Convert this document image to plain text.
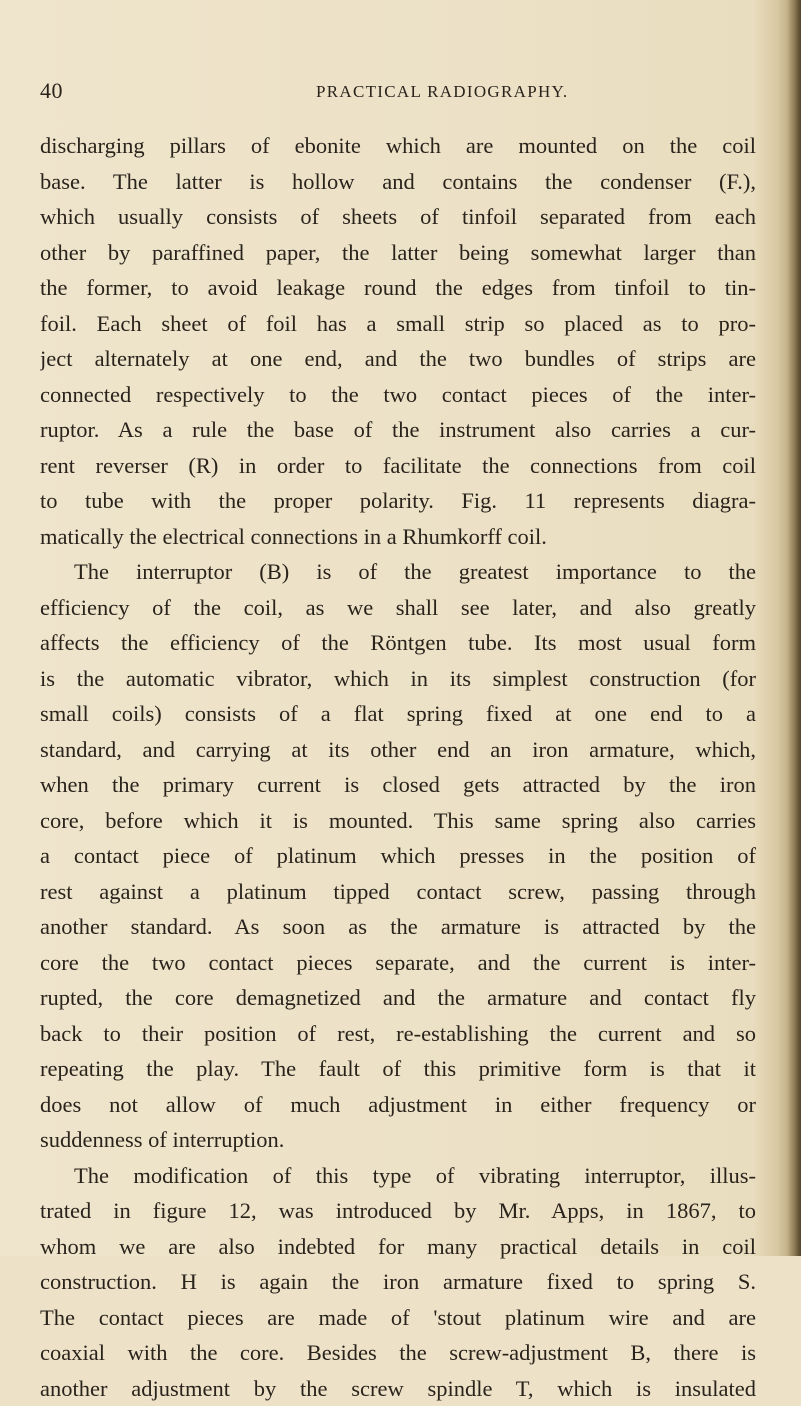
40	PRACTICAL RADIOGRAPHY.
discharging pillars of ebonite which are mounted on the coil
base. The latter is hollow and contains the condenser (F.),
which usually consists of sheets of tinfoil separated from each
other by paraffined paper, the latter being somewhat larger than
the former, to avoid leakage round the edges from tinfoil to tin-
foil. Each sheet of foil has a small strip so placed as to pro-
ject alternately at one end, and the two bundles of strips are
connected respectively to the two contact pieces of the inter-
ruptor. As a rule the base of the instrument also carries a cur-
rent reverser (R) in order to facilitate the connections from coil
to tube with the proper polarity. Fig. 11 represents diagra-
matically the electrical connections in a Rhumkorff coil.
The interruptor (B) is of the greatest importance to the
efficiency of the coil, as we shall see later, and also greatly
affects the efficiency of the Röntgen tube. Its most usual form
is the automatic vibrator, which in its simplest construction (for
small coils) consists of a flat spring fixed at one end to a
standard, and carrying at its other end an iron armature, which,
when the primary current is closed gets attracted by the iron
core, before which it is mounted. This same spring also carries
a contact piece of platinum which presses in the position of
rest against a platinum tipped contact screw, passing through
another standard. As soon as the armature is attracted by the
core the two contact pieces separate, and the current is inter-
rupted, the core demagnetized and the armature and contact fly
back to their position of rest, re-establishing the current and so
repeating the play. The fault of this primitive form is that it
does not allow of much adjustment in either frequency or
suddenness of interruption.
The modification of this type of vibrating interruptor, illus-
trated in figure 12, was introduced by Mr. Apps, in 1867, to
whom we are also indebted for many practical details in coil
construction. H is again the iron armature fixed to spring S.
The contact pieces are made of 'stout platinum wire and are
coaxial with the core. Besides the screw-adjustment B, there is
another adjustment by the screw spindle T, which is insulated
